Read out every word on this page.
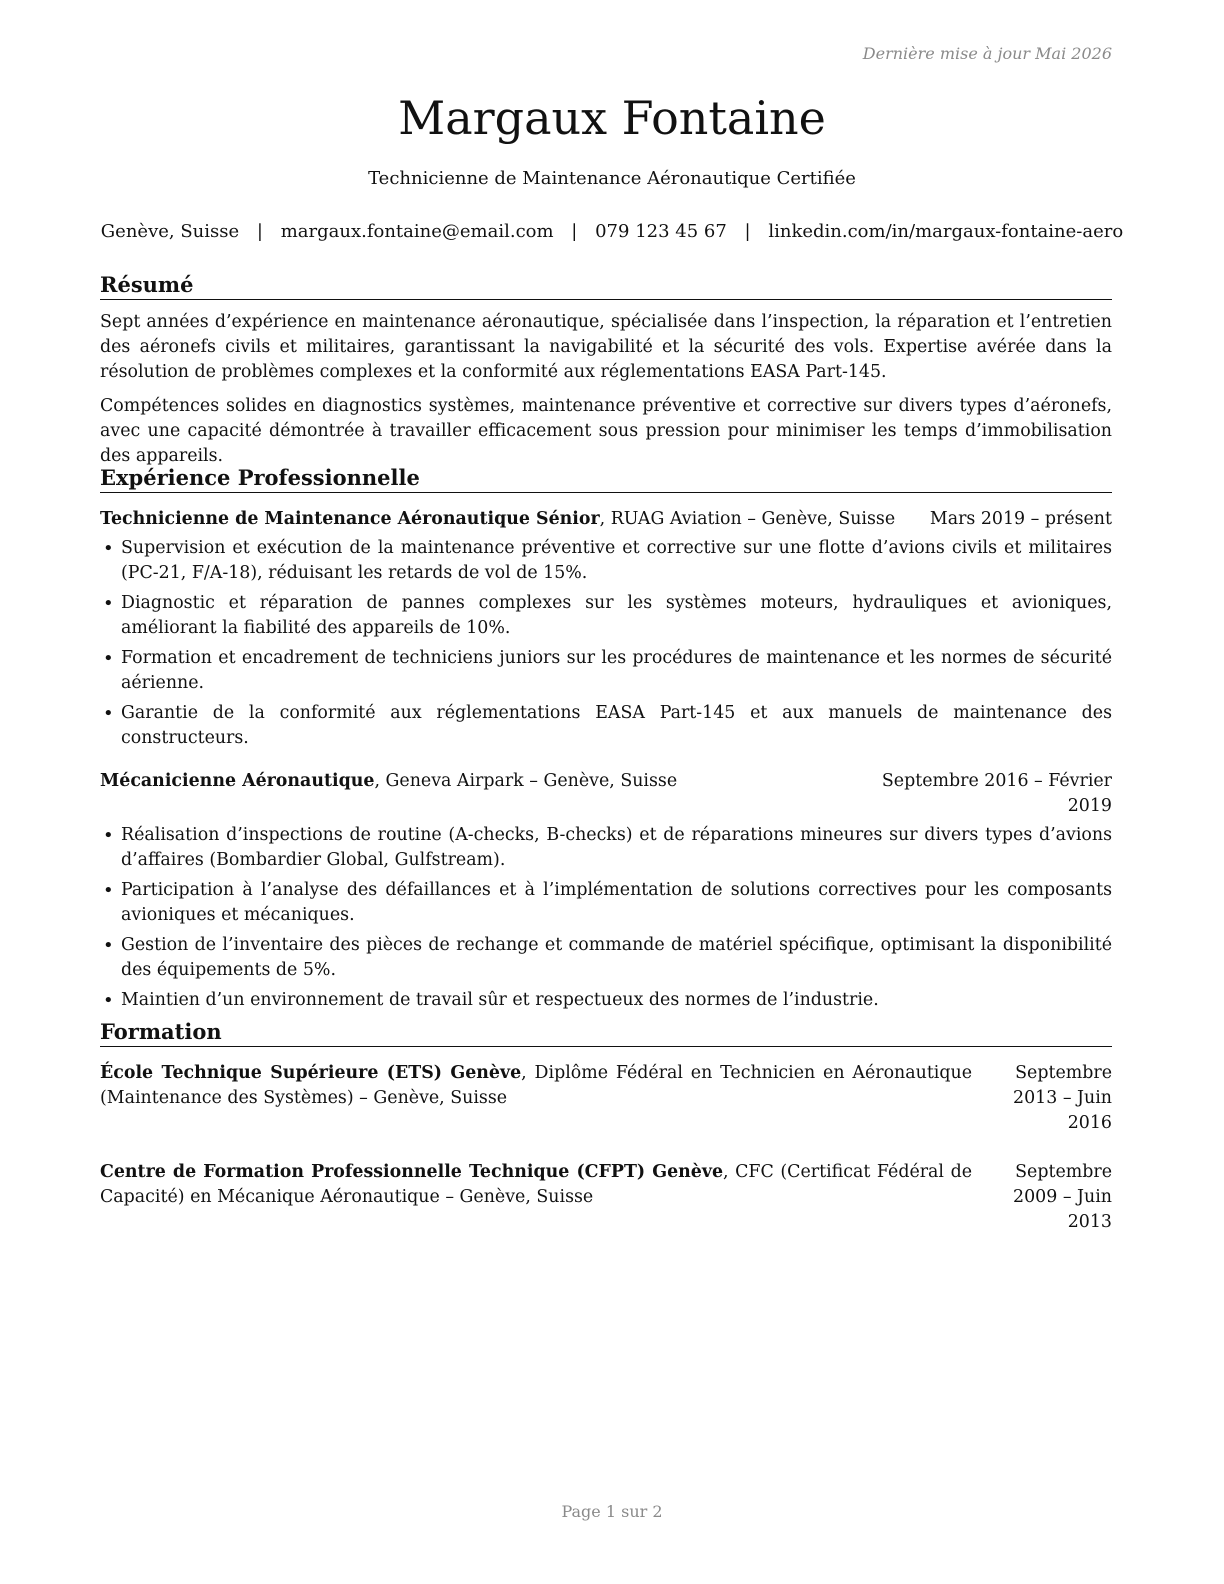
Dernière mise à jour Mai 2026
Margaux Fontaine
Technicienne de Maintenance Aéronautique Certifiée
Genève, Suisse | margaux.fontaine@email.com | 079 123 45 67 | linkedin.com/in/margaux-fontaine-aero
Résumé

Sept années d’expérience en maintenance aéronautique, spécialisée dans l’inspection, la réparation et l’entretien des aéronefs civils et militaires, garantissant la navigabilité et la sécurité des vols. Expertise avérée dans la résolution de problèmes complexes et la conformité aux réglementations EASA Part-145.

Compétences solides en diagnostics systèmes, maintenance préventive et corrective sur divers types d’aéronefs, avec une capacité démontrée à travailler efficacement sous pression pour minimiser les temps d’immobilisation des appareils.

Expérience Professionnelle
Technicienne de Maintenance Aéronautique Sénior, RUAG Aviation – Genève, Suisse Mars 2019 – présent
• Supervision et exécution de la maintenance préventive et corrective sur une flotte d’avions civils et militaires (PC-21, F/A-18), réduisant les retards de vol de 15%.
• Diagnostic et réparation de pannes complexes sur les systèmes moteurs, hydrauliques et avioniques, améliorant la fiabilité des appareils de 10%.
• Formation et encadrement de techniciens juniors sur les procédures de maintenance et les normes de sécurité aérienne.
• Garantie de la conformité aux réglementations EASA Part-145 et aux manuels de maintenance des constructeurs.
Mécanicienne Aéronautique, Geneva Airpark – Genève, Suisse	Septembre 2016 – Février 2019
• Réalisation d’inspections de routine (A-checks, B-checks) et de réparations mineures sur divers types d’avions d’affaires (Bombardier Global, Gulfstream).
• Participation à l’analyse des défaillances et à l’implémentation de solutions correctives pour les composants avioniques et mécaniques.
• Gestion de l’inventaire des pièces de rechange et commande de matériel spécifique, optimisant la disponibilité des équipements de 5%.
• Maintien d’un environnement de travail sûr et respectueux des normes de l’industrie.
Formation
École Technique Supérieure (ETS) Genève, Diplôme Fédéral en Technicien en Aéronautique (Maintenance des Systèmes) – Genève, Suisse
Septembre 2013 – Juin 2016
Centre de Formation Professionnelle Technique (CFPT) Genève, CFC (Certificat Fédéral de Capacité) en Mécanique Aéronautique – Genève, Suisse
Septembre 2009 – Juin 2013
Page 1 sur 2
